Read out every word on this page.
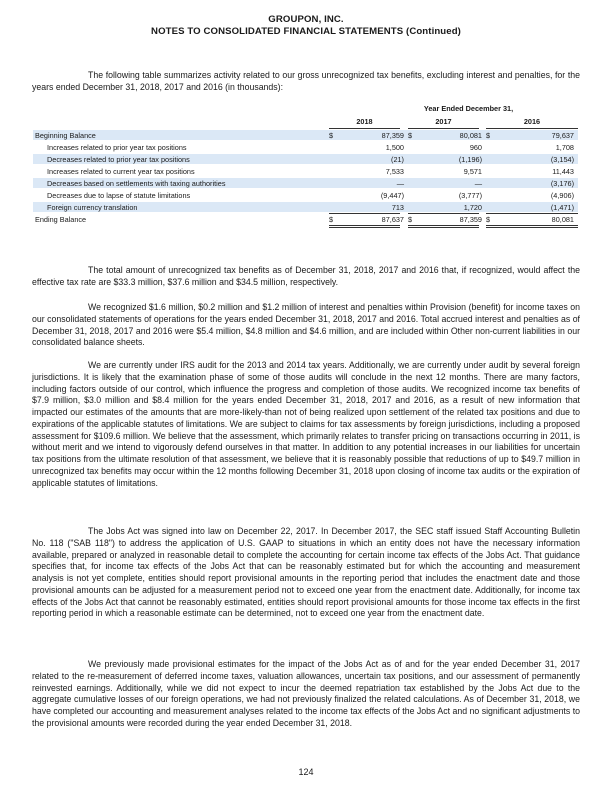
GROUPON, INC.
NOTES TO CONSOLIDATED FINANCIAL STATEMENTS (Continued)

The following table summarizes activity related to our gross unrecognized tax benefits, excluding interest and penalties, for the years ended December 31, 2018, 2017 and 2016 (in thousands):

Year Ended December 31,
2018	2017	2016
Beginning Balance	$	87,359 $	80,081 $	79,637
Increases related to prior year tax positions	1,500	960	1,708
Decreases related to prior year tax positions	(21)	(1,196)	(3,154)
Increases related to current year tax positions	7,533	9,571	11,443
Decreases based on settlements with taxing authorities	—	—	(3,176)
Decreases due to lapse of statute limitations	(9,447)	(3,777)	(4,906)
Foreign currency translation	713	1,720	(1,471)
Ending Balance	$	87,637 $	87,359 $	80,081

The total amount of unrecognized tax benefits as of December 31, 2018, 2017 and 2016 that, if recognized, would affect the effective tax rate are $33.3 million, $37.6 million and $34.5 million, respectively.

We recognized $1.6 million, $0.2 million and $1.2 million of interest and penalties within Provision (benefit) for income taxes on our consolidated statements of operations for the years ended December 31, 2018, 2017 and 2016. Total accrued interest and penalties as of December 31, 2018, 2017 and 2016 were $5.4 million, $4.8 million and $4.6 million, and are included within Other non-current liabilities in our consolidated balance sheets.

We are currently under IRS audit for the 2013 and 2014 tax years. Additionally, we are currently under audit by several foreign jurisdictions. It is likely that the examination phase of some of those audits will conclude in the next 12 months. There are many factors, including factors outside of our control, which influence the progress and completion of those audits. We recognized income tax benefits of $7.9 million, $3.0 million and $8.4 million for the years ended December 31, 2018, 2017 and 2016, as a result of new information that impacted our estimates of the amounts that are more-likely-than not of being realized upon settlement of the related tax positions and due to expirations of the applicable statutes of limitations. We are subject to claims for tax assessments by foreign jurisdictions, including a proposed assessment for $109.6 million. We believe that the assessment, which primarily relates to transfer pricing on transactions occurring in 2011, is without merit and we intend to vigorously defend ourselves in that matter. In addition to any potential increases in our liabilities for uncertain tax positions from the ultimate resolution of that assessment, we believe that it is reasonably possible that reductions of up to $49.7 million in unrecognized tax benefits may occur within the 12 months following December 31, 2018 upon closing of income tax audits or the expiration of applicable statutes of limitations.

The Jobs Act was signed into law on December 22, 2017. In December 2017, the SEC staff issued Staff Accounting Bulletin No. 118 ("SAB 118") to address the application of U.S. GAAP to situations in which an entity does not have the necessary information available, prepared or analyzed in reasonable detail to complete the accounting for certain income tax effects of the Jobs Act. That guidance specifies that, for income tax effects of the Jobs Act that can be reasonably estimated but for which the accounting and measurement analysis is not yet complete, entities should report provisional amounts in the reporting period that includes the enactment date and those provisional amounts can be adjusted for a measurement period not to exceed one year from the enactment date. Additionally, for income tax effects of the Jobs Act that cannot be reasonably estimated, entities should report provisional amounts for those income tax effects in the first reporting period in which a reasonable estimate can be determined, not to exceed one year from the enactment date.

We previously made provisional estimates for the impact of the Jobs Act as of and for the year ended December 31, 2017 related to the re-measurement of deferred income taxes, valuation allowances, uncertain tax positions, and our assessment of permanently reinvested earnings. Additionally, while we did not expect to incur the deemed repatriation tax established by the Jobs Act due to the aggregate cumulative losses of our foreign operations, we had not previously finalized the related calculations. As of December 31, 2018, we have completed our accounting and measurement analyses related to the income tax effects of the Jobs Act and no significant adjustments to the provisional amounts were recorded during the year ended December 31, 2018.

124
